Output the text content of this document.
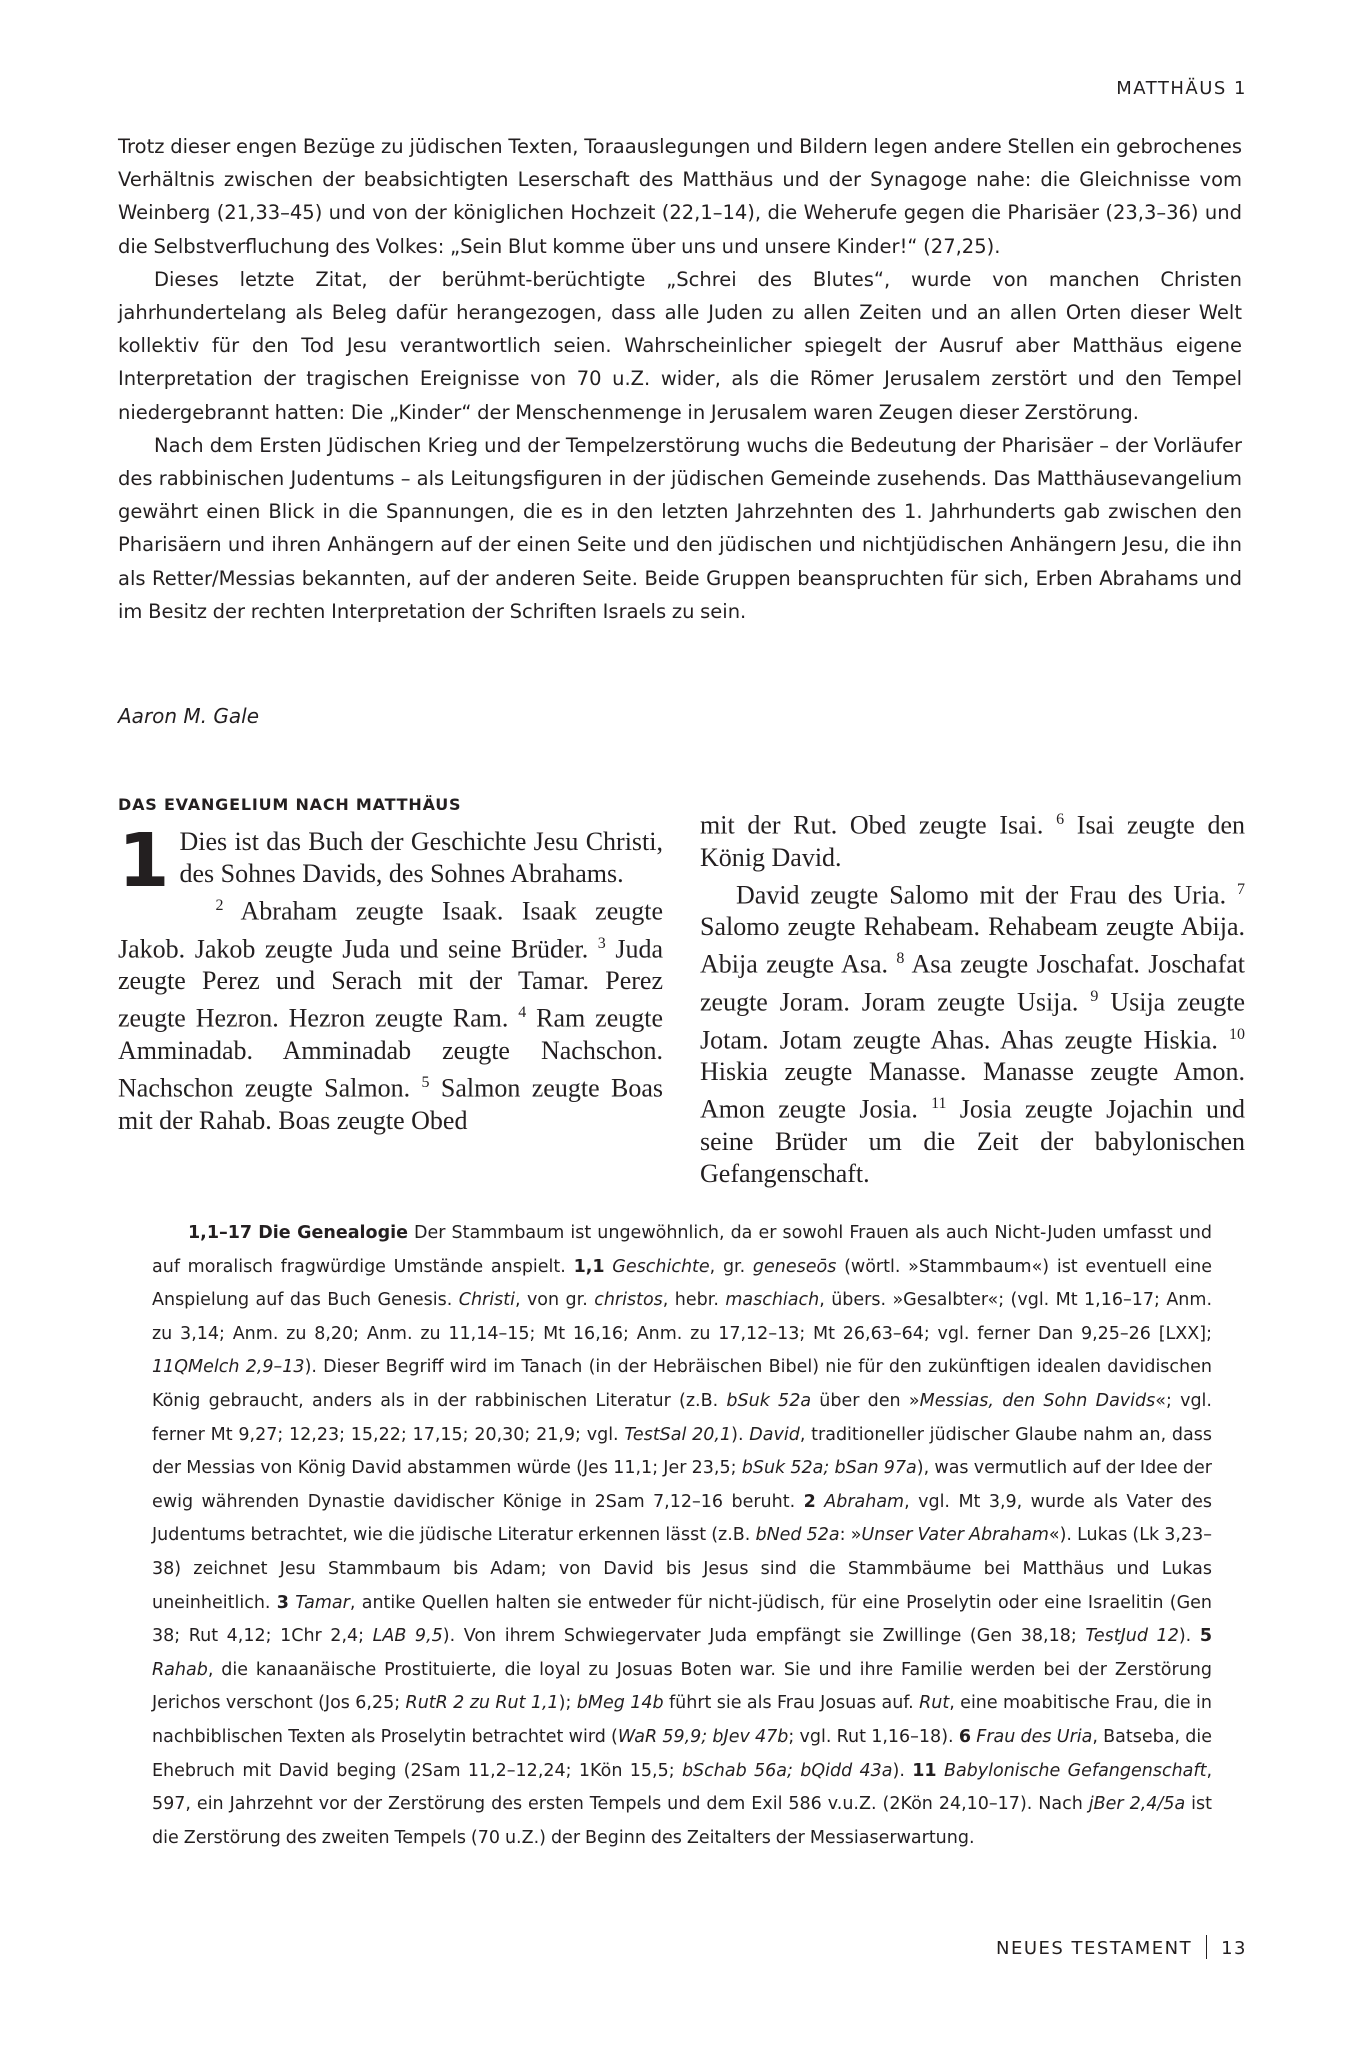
MATTHÄUS 1

Trotz dieser engen Bezüge zu jüdischen Texten, Toraauslegungen und Bildern legen andere Stellen ein gebrochenes Verhältnis zwischen der beabsichtigten Leserschaft des Matthäus und der Synagoge nahe: die Gleichnisse vom Weinberg (21,33–45) und von der königlichen Hochzeit (22,1–14), die Weherufe gegen die Pharisäer (23,3–36) und die Selbstverfluchung des Volkes: „Sein Blut komme über uns und unsere Kinder!“ (27,25).

Dieses letzte Zitat, der berühmt-berüchtigte „Schrei des Blutes“, wurde von manchen Christen jahrhundertelang als Beleg dafür herangezogen, dass alle Juden zu allen Zeiten und an allen Orten dieser Welt kollektiv für den Tod Jesu verantwortlich seien. Wahrscheinlicher spiegelt der Ausruf aber Matthäus eigene Interpretation der tragischen Ereignisse von 70 u.Z. wider, als die Römer Jerusalem zerstört und den Tempel niedergebrannt hatten: Die „Kinder“ der Menschenmenge in Jerusalem waren Zeugen dieser Zerstörung.

Nach dem Ersten Jüdischen Krieg und der Tempelzerstörung wuchs die Bedeutung der Pharisäer – der Vorläufer des rabbinischen Judentums – als Leitungsfiguren in der jüdischen Gemeinde zusehends. Das Matthäusevangelium gewährt einen Blick in die Spannungen, die es in den letzten Jahrzehnten des 1. Jahrhunderts gab zwischen den Pharisäern und ihren Anhängern auf der einen Seite und den jüdischen und nichtjüdischen Anhängern Jesu, die ihn als Retter/Messias bekannten, auf der anderen Seite. Beide Gruppen beanspruchten für sich, Erben Abrahams und im Besitz der rechten Interpretation der Schriften Israels zu sein.

Aaron M. Gale
DAS EVANGELIUM NACH MATTHÄUS
1 Dies ist das Buch der Geschichte Jesu Christi, des Sohnes Davids, des Sohnes Abrahams.

$^2$ Abraham zeugte Isaak. Isaak zeugte Jakob. Jakob zeugte Juda und seine Brüder. $^3$ Juda zeugte Perez und Serach mit der Tamar. Perez zeugte Hezron. Hezron zeugte Ram. $^4$ Ram zeugte Amminadab. Amminadab zeugte Nachschon. Nachschon zeugte Salmon. $^5$ Salmon zeugte Boas mit der Rahab. Boas zeugte Obed

mit der Rut. Obed zeugte Isai. $^6$ Isai zeugte den König David.

David zeugte Salomo mit der Frau des Uria. $^7$ Salomo zeugte Rehabeam. Rehabeam zeugte Abija. Abija zeugte Asa. $^8$ Asa zeugte Joschafat. Joschafat zeugte Joram. Joram zeugte Usija. $^9$ Usija zeugte Jotam. Jotam zeugte Ahas. Ahas zeugte Hiskia. $^{10}$ Hiskia zeugte Manasse. Manasse zeugte Amon. Amon zeugte Josia. $^{11}$ Josia zeugte Jojachin und seine Brüder um die Zeit der babylonischen Gefangenschaft.

1,1–17 Die Genealogie Der Stammbaum ist ungewöhnlich, da er sowohl Frauen als auch Nicht-Juden umfasst und auf moralisch fragwürdige Umstände anspielt. 1,1 Geschichte, gr. geneseōs (wörtl. »Stammbaum«) ist eventuell eine Anspielung auf das Buch Genesis. Christi, von gr. christos, hebr. maschiach, übers. »Gesalbter«; (vgl. Mt 1,16–17; Anm. zu 3,14; Anm. zu 8,20; Anm. zu 11,14–15; Mt 16,16; Anm. zu 17,12–13; Mt 26,63–64; vgl. ferner Dan 9,25–26 [LXX]; 11QMelch 2,9–13). Dieser Begriff wird im Tanach (in der Hebräischen Bibel) nie für den zukünftigen idealen davidischen König gebraucht, anders als in der rabbinischen Literatur (z.B. bSuk 52a über den »Messias, den Sohn Davids«; vgl. ferner Mt 9,27; 12,23; 15,22; 17,15; 20,30; 21,9; vgl. TestSal 20,1). David, traditioneller jüdischer Glaube nahm an, dass der Messias von König David abstammen würde (Jes 11,1; Jer 23,5; bSuk 52a; bSan 97a), was vermutlich auf der Idee der ewig währenden Dynastie davidischer Könige in 2Sam 7,12–16 beruht. 2 Abraham, vgl. Mt 3,9, wurde als Vater des Judentums betrachtet, wie die jüdische Literatur erkennen lässt (z.B. bNed 52a: »Unser Vater Abraham«). Lukas (Lk 3,23–38) zeichnet Jesu Stammbaum bis Adam; von David bis Jesus sind die Stammbäume bei Matthäus und Lukas uneinheitlich. 3 Tamar, antike Quellen halten sie entweder für nicht-jüdisch, für eine Proselytin oder eine Israelitin (Gen 38; Rut 4,12; 1Chr 2,4; LAB 9,5). Von ihrem Schwiegervater Juda empfängt sie Zwillinge (Gen 38,18; TestJud 12). 5 Rahab, die kanaanäische Prostituierte, die loyal zu Josuas Boten war. Sie und ihre Familie werden bei der Zerstörung Jerichos verschont (Jos 6,25; RutR 2 zu Rut 1,1); bMeg 14b führt sie als Frau Josuas auf. Rut, eine moabitische Frau, die in nachbiblischen Texten als Proselytin betrachtet wird (WaR 59,9; bJev 47b; vgl. Rut 1,16–18). 6 Frau des Uria, Batseba, die Ehebruch mit David beging (2Sam 11,2–12,24; 1Kön 15,5; bSchab 56a; bQidd 43a). 11 Babylonische Gefangenschaft, 597, ein Jahrzehnt vor der Zerstörung des ersten Tempels und dem Exil 586 v.u.Z. (2Kön 24,10–17). Nach jBer 2,4/5a ist die Zerstörung des zweiten Tempels (70 u.Z.) der Beginn des Zeitalters der Messiaserwartung.

NEUES TESTAMENT 13
